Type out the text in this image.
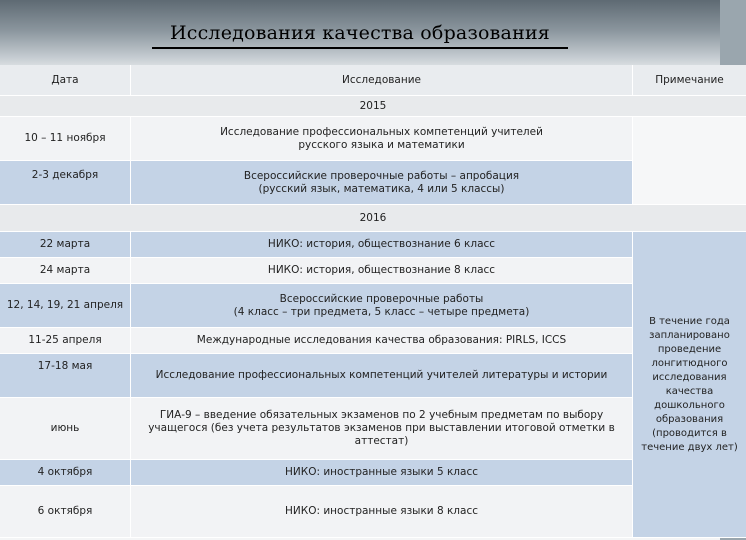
Исследования качества образования
Дата	Исследование	Примечание
2015		
10 – 11 ноября	Исследование профессиональных компетенций учителей
русского языка и математики	

2-3 декабря	Всероссийские проверочные работы – апробация
(русский язык, математика, 4 или 5 классы)	

2016		
22 марта	НИКО: история, обществознание 6 класс	В течение года запланировано проведение лонгитюдного исследования качества дошкольного образования (проводится в течение двух лет)
24 марта	НИКО: история, обществознание 8 класс	
12, 14, 19, 21 апреля	Всероссийские проверочные работы
(4 класс – три предмета, 5 класс – четыре предмета)	

11-25 апреля	Международные исследования качества образования: PIRLS, ICCS	
17-18 мая	Исследование профессиональных компетенций учителей литературы и истории	
июнь	ГИА-9 – введение обязательных экзаменов по 2 учебным предметам по выбору
учащегося (без учета результатов экзаменов при выставлении итоговой отметки в
аттестат)	

4 октября	НИКО: иностранные языки 5 класс	
6 октября	НИКО: иностранные языки 8 класс	
